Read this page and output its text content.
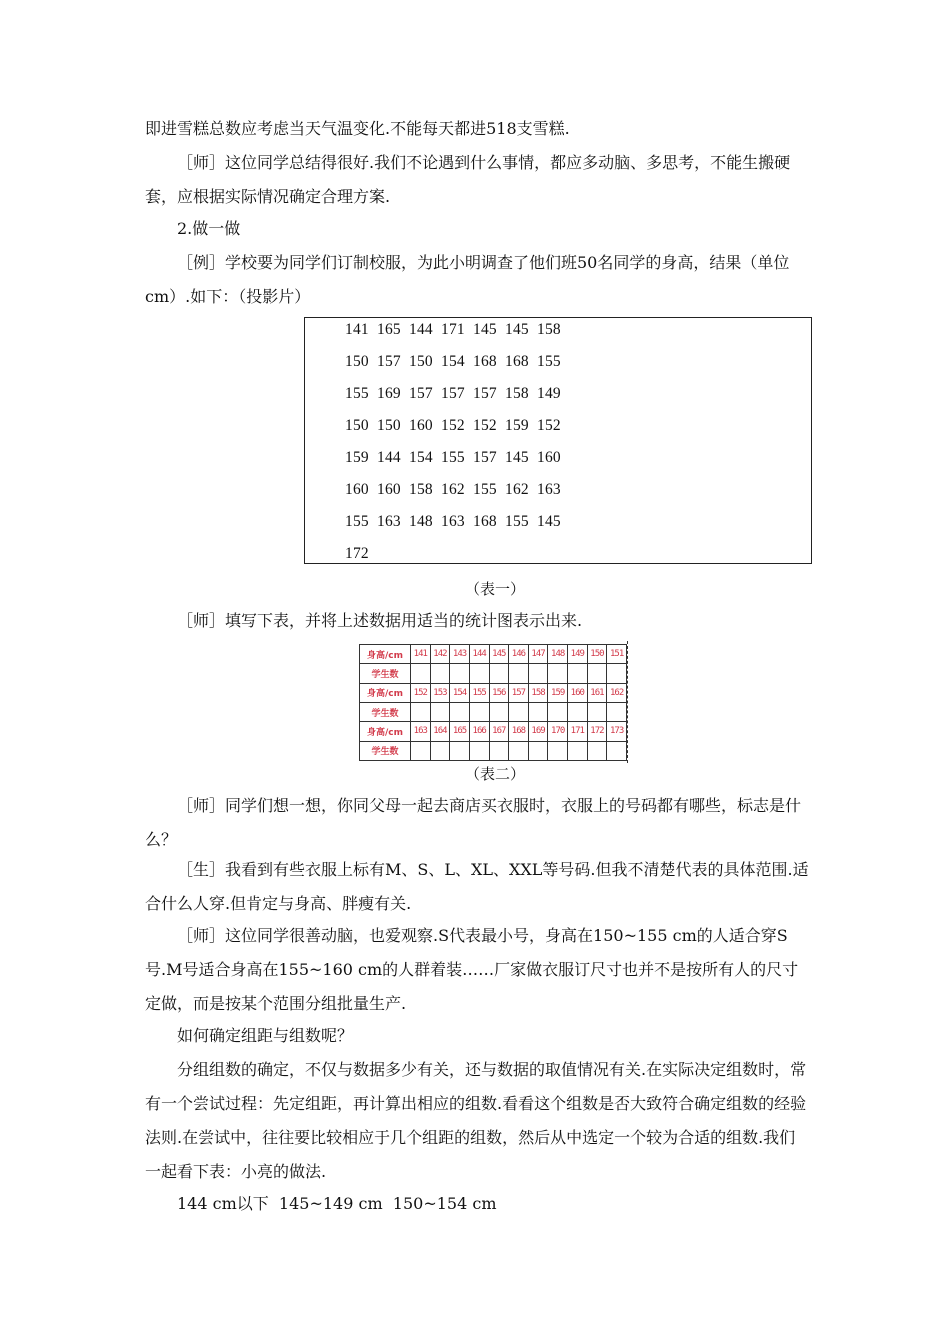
即进雪糕总数应考虑当天气温变化.不能每天都进518支雪糕.

［师］这位同学总结得很好.我们不论遇到什么事情，都应多动脑、多思考，不能生搬硬套，应根据实际情况确定合理方案.

2.做一做

［例］学校要为同学们订制校服，为此小明调查了他们班50名同学的身高，结果（单位cm）.如下：（投影片）

141  165  144  171  145  145  158
150  157  150  154  168  168  155
155  169  157  157  157  158  149
150  150  160  152  152  159  152
159  144  154  155  157  145  160
160  160  158  162  155  162  163
155  163  148  163  168  155  145
172
（表一）

［师］填写下表，并将上述数据用适当的统计图表示出来.

身高/cm	141	142	143	144	145	146	147	148	149	150	151
学生数											
身高/cm	152	153	154	155	156	157	158	159	160	161	162
学生数											
身高/cm	163	164	165	166	167	168	169	170	171	172	173
学生数											
（表二）

［师］同学们想一想，你同父母一起去商店买衣服时，衣服上的号码都有哪些，标志是什么？

［生］我看到有些衣服上标有M、S、L、XL、XXL等号码.但我不清楚代表的具体范围.适合什么人穿.但肯定与身高、胖瘦有关.

［师］这位同学很善动脑，也爱观察.S代表最小号，身高在150~155 cm的人适合穿S号.M号适合身高在155~160 cm的人群着装……厂家做衣服订尺寸也并不是按所有人的尺寸定做，而是按某个范围分组批量生产.

如何确定组距与组数呢？

分组组数的确定，不仅与数据多少有关，还与数据的取值情况有关.在实际决定组数时，常有一个尝试过程：先定组距，再计算出相应的组数.看看这个组数是否大致符合确定组数的经验法则.在尝试中，往往要比较相应于几个组距的组数，然后从中选定一个较为合适的组数.我们一起看下表：小亮的做法.

144 cm以下  145~149 cm  150~154 cm
